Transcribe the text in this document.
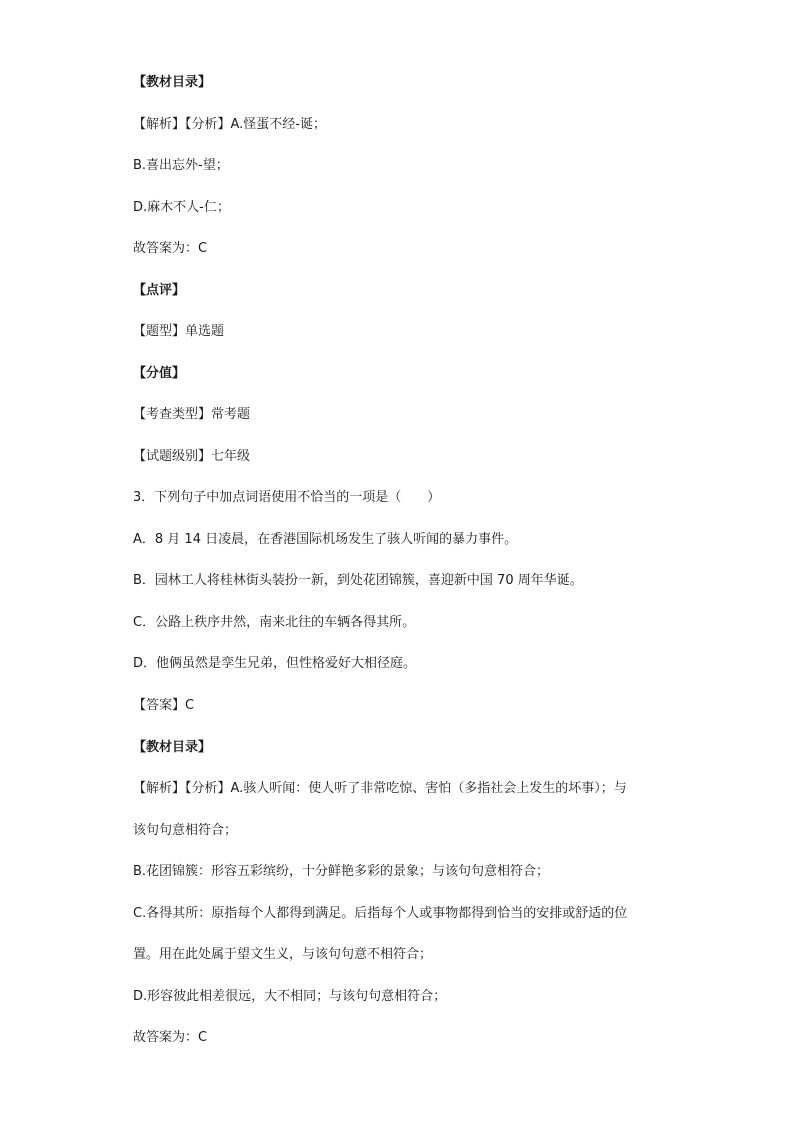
【教材目录】
【解析】【分析】A.怪蛋不经-诞；
B.喜出忘外-望；
D.麻木不人-仁；
故答案为：C
【点评】
【题型】单选题
【分值】
【考查类型】常考题
【试题级别】七年级
3．下列句子中加点词语使用不恰当的一项是（　　）
A．8 月 14 日凌晨，在香港国际机场发生了骇人听闻的暴力事件。
B．园林工人将桂林街头装扮一新，到处花团锦簇，喜迎新中国 70 周年华诞。
C．公路上秩序井然，南来北往的车辆各得其所。
D．他俩虽然是孪生兄弟，但性格爱好大相径庭。
【答案】C
【教材目录】
【解析】【分析】A.骇人听闻：使人听了非常吃惊、害怕（多指社会上发生的坏事）；与
该句句意相符合；
B.花团锦簇：形容五彩缤纷，十分鲜艳多彩的景象；与该句句意相符合；
C.各得其所：原指每个人都得到满足。后指每个人或事物都得到恰当的安排或舒适的位
置。用在此处属于望文生义，与该句句意不相符合；
D.形容彼此相差很远，大不相同；与该句句意相符合；
故答案为：C
